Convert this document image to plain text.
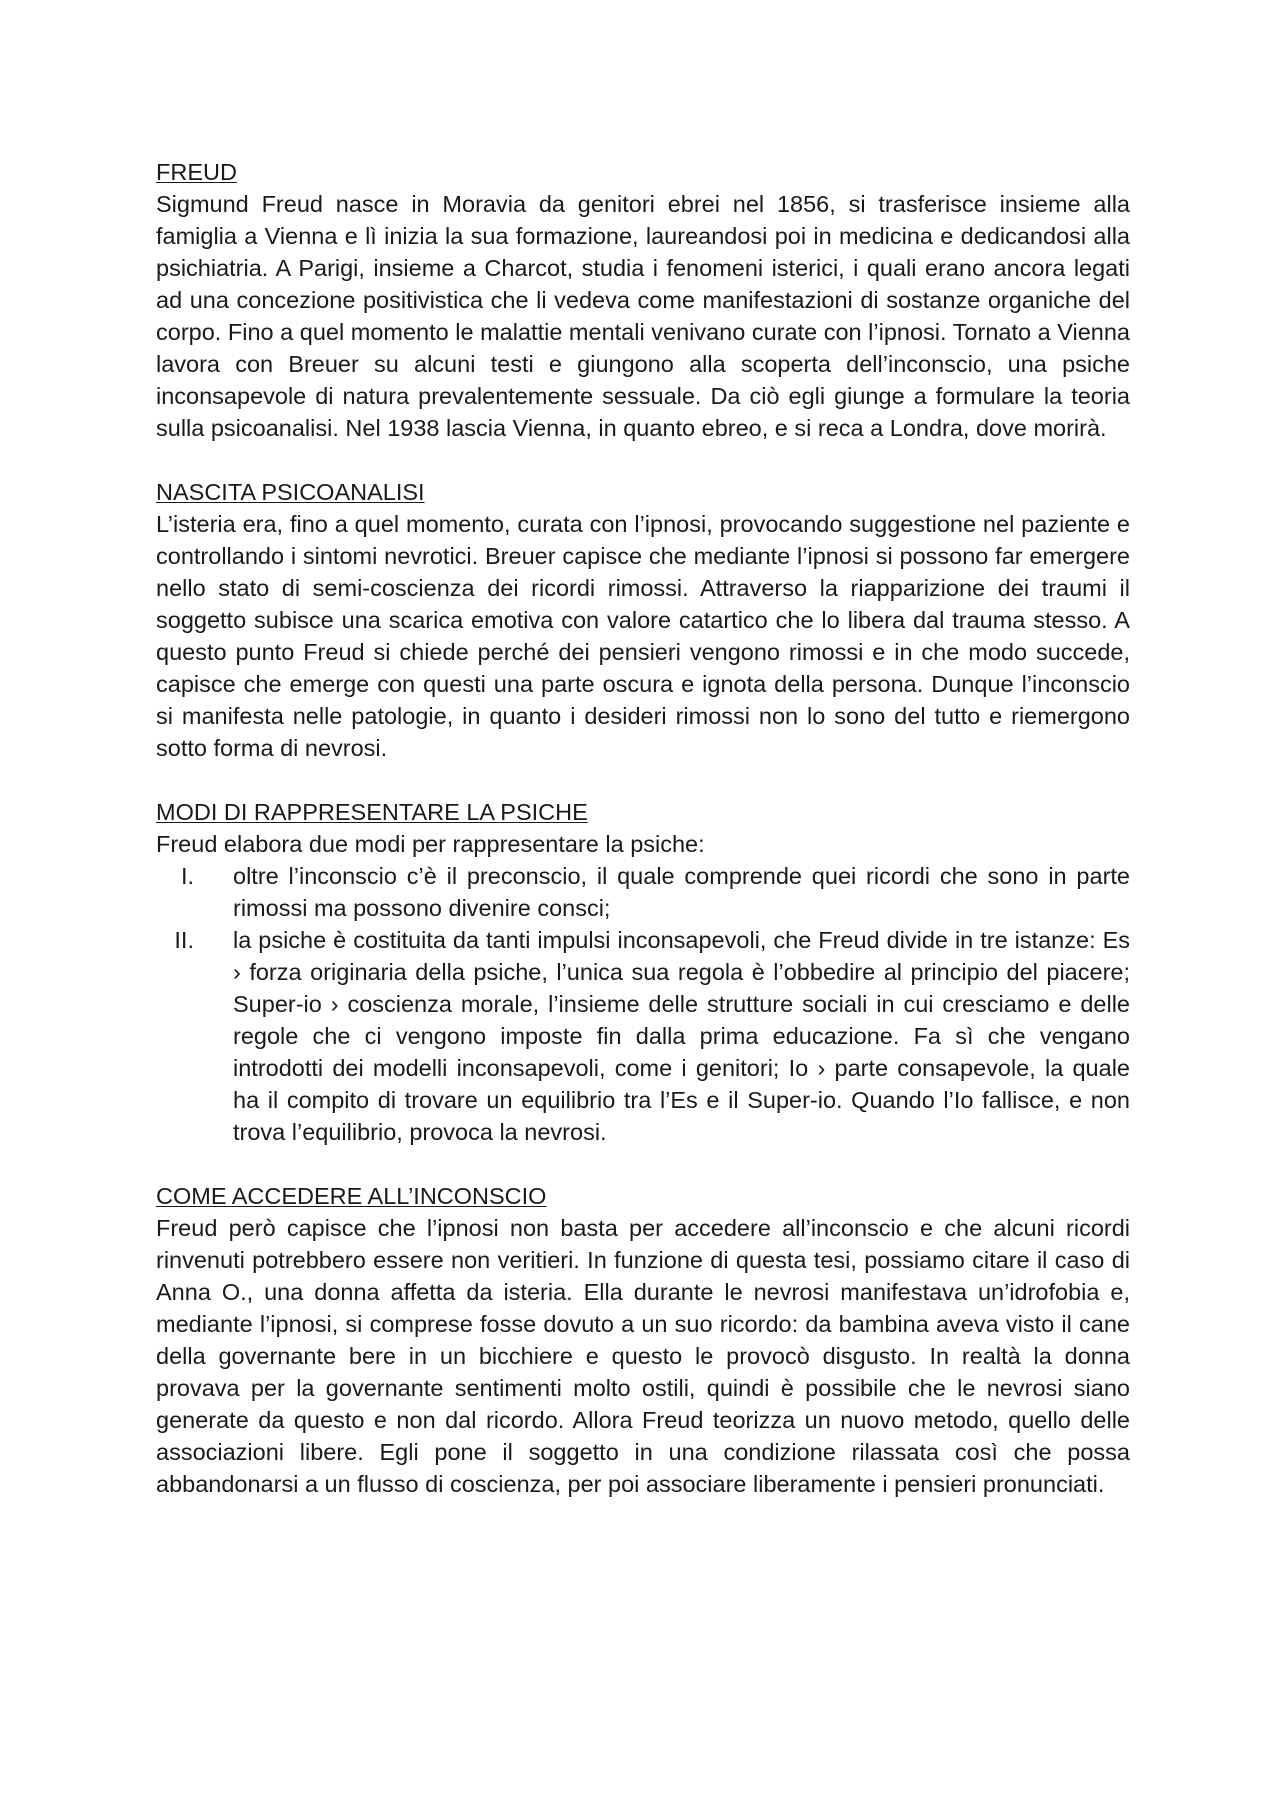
FREUD

Sigmund Freud nasce in Moravia da genitori ebrei nel 1856, si trasferisce insieme alla famiglia a Vienna e lì inizia la sua formazione, laureandosi poi in medicina e dedicandosi alla psichiatria. A Parigi, insieme a Charcot, studia i fenomeni isterici, i quali erano ancora legati ad una concezione positivistica che li vedeva come manifestazioni di sostanze organiche del corpo. Fino a quel momento le malattie mentali venivano curate con l’ipnosi. Tornato a Vienna lavora con Breuer su alcuni testi e giungono alla scoperta dell’inconscio, una psiche inconsapevole di natura prevalentemente sessuale. Da ciò egli giunge a formulare la teoria sulla psicoanalisi. Nel 1938 lascia Vienna, in quanto ebreo, e si reca a Londra, dove morirà.

NASCITA PSICOANALISI

L’isteria era, fino a quel momento, curata con l’ipnosi, provocando suggestione nel paziente e controllando i sintomi nevrotici. Breuer capisce che mediante l’ipnosi si possono far emergere nello stato di semi-coscienza dei ricordi rimossi. Attraverso la riapparizione dei traumi il soggetto subisce una scarica emotiva con valore catartico che lo libera dal trauma stesso. A questo punto Freud si chiede perché dei pensieri vengono rimossi e in che modo succede, capisce che emerge con questi una parte oscura e ignota della persona. Dunque l’inconscio si manifesta nelle patologie, in quanto i desideri rimossi non lo sono del tutto e riemergono sotto forma di nevrosi.

MODI DI RAPPRESENTARE LA PSICHE

Freud elabora due modi per rappresentare la psiche:

I. oltre l’inconscio c’è il preconscio, il quale comprende quei ricordi che sono in parte rimossi ma possono divenire consci;
II. la psiche è costituita da tanti impulsi inconsapevoli, che Freud divide in tre istanze: Es › forza originaria della psiche, l’unica sua regola è l’obbedire al principio del piacere; Super-io › coscienza morale, l’insieme delle strutture sociali in cui cresciamo e delle regole che ci vengono imposte fin dalla prima educazione. Fa sì che vengano introdotti dei modelli inconsapevoli, come i genitori; Io › parte consapevole, la quale ha il compito di trovare un equilibrio tra l’Es e il Super-io. Quando l’Io fallisce, e non trova l’equilibrio, provoca la nevrosi.
COME ACCEDERE ALL’INCONSCIO

Freud però capisce che l’ipnosi non basta per accedere all’inconscio e che alcuni ricordi rinvenuti potrebbero essere non veritieri. In funzione di questa tesi, possiamo citare il caso di Anna O., una donna affetta da isteria. Ella durante le nevrosi manifestava un’idrofobia e, mediante l’ipnosi, si comprese fosse dovuto a un suo ricordo: da bambina aveva visto il cane della governante bere in un bicchiere e questo le provocò disgusto. In realtà la donna provava per la governante sentimenti molto ostili, quindi è possibile che le nevrosi siano generate da questo e non dal ricordo. Allora Freud teorizza un nuovo metodo, quello delle associazioni libere. Egli pone il soggetto in una condizione rilassata così che possa abbandonarsi a un flusso di coscienza, per poi associare liberamente i pensieri pronunciati.
